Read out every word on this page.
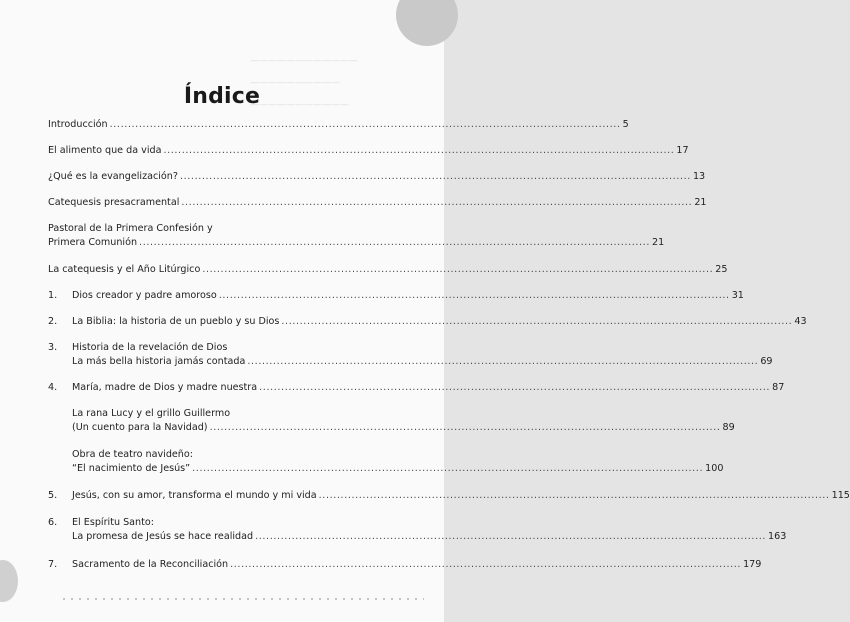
————————————
——————————
———————————
Índice
Introducción ............................................................................................................................................ 5
El alimento que da vida ............................................................................................................................................ 17
¿Qué es la evangelización? ............................................................................................................................................ 13
Catequesis presacramental ............................................................................................................................................ 21
Pastoral de la Primera Confesión y
Primera Comunión ............................................................................................................................................ 21
La catequesis y el Año Litúrgico ............................................................................................................................................ 25
1.	Dios creador y padre amoroso ............................................................................................................................................ 31
2.	La Biblia: la historia de un pueblo y su Dios ............................................................................................................................................ 43
3.	Historia de la revelación de Dios
La más bella historia jamás contada ............................................................................................................................................ 69
4.	María, madre de Dios y madre nuestra ............................................................................................................................................ 87
La rana Lucy y el grillo Guillermo
(Un cuento para la Navidad) ............................................................................................................................................ 89
Obra de teatro navideño:
“El nacimiento de Jesús” ............................................................................................................................................ 100
5.	Jesús, con su amor, transforma el mundo y mi vida ............................................................................................................................................ 115
6.	El Espíritu Santo:
La promesa de Jesús se hace realidad ............................................................................................................................................ 163
7.	Sacramento de la Reconciliación ............................................................................................................................................ 179
